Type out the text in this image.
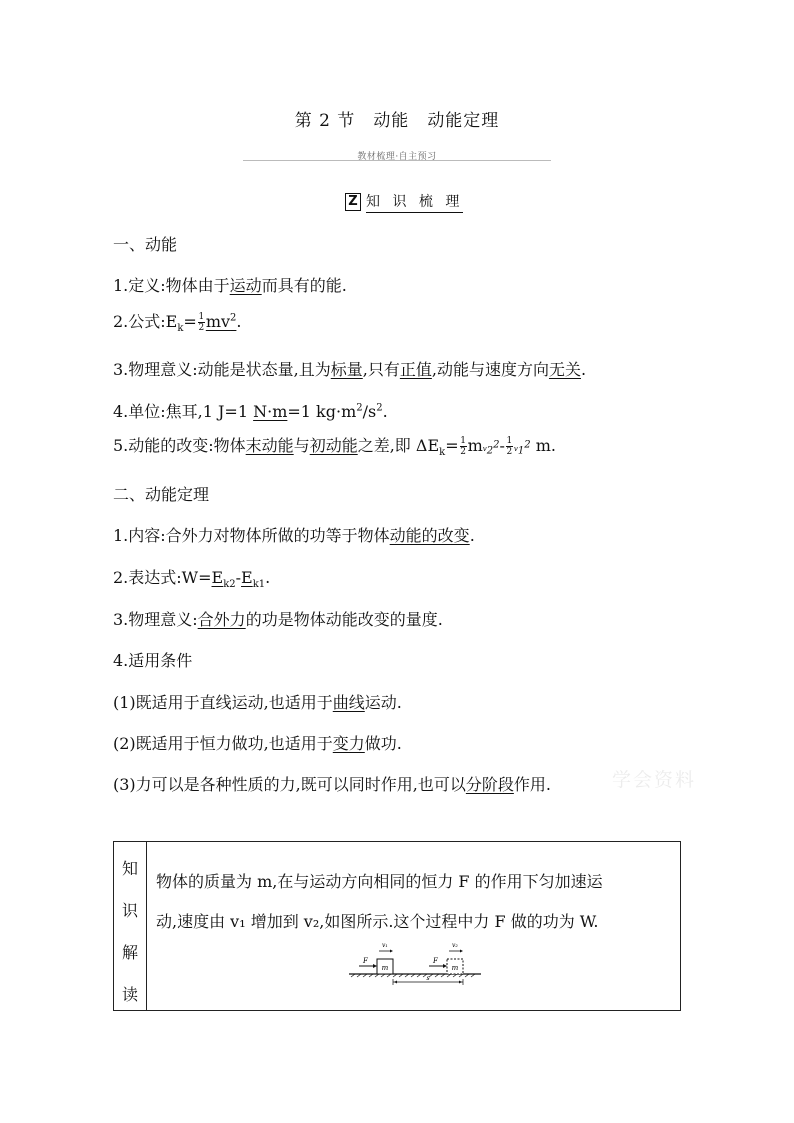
第 2 节 动能 动能定理
教材梳理·自主预习
Z 知 识 梳 理
一、动能
1.定义:物体由于运动而具有的能.
2.公式$:E_k= \frac{1}{2} mv^2$.
3.物理意义:动能是状态量,且为标量,只有正值,动能与速度方向无关.
4.单位:焦耳,1 J=1 N·m=1 $kg\cdot m^2/s^2$.
5.动能的改变:物体末动能与初动能之差,即 $\Delta E_k= \frac{1}{2} mv_2^2- \frac{1}{2} v_1^2$ m.
二、动能定理
1.内容:合外力对物体所做的功等于物体动能的改变.
2.表达式$:W=E_{k2}-E_{k1}$.
3.物理意义:合外力的功是物体动能改变的量度.
4.适用条件
(1)既适用于直线运动,也适用于曲线运动.
(2)既适用于恒力做功,也适用于变力做功.
(3)力可以是各种性质的力,既可以同时作用,也可以分阶段作用.	学会资料
知
识
解
读
物体的质量为 m,在与运动方向相同的恒力 F 的作用下匀加速运
动,速度由 v₁ 增加到 v₂,如图所示.这个过程中力 F 做的功为 W.
m
F
v₁
m
F
v₂
s
